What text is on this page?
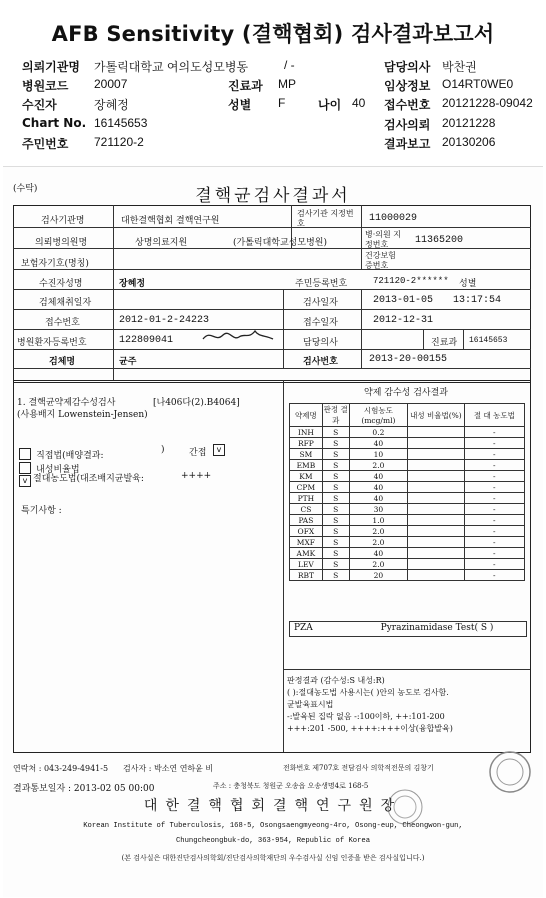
AFB Sensitivity (결핵협회) 검사결과보고서
의뢰기관명 가톨릭대학교 여의도성모병동	/ -	담당의사 박찬권
병원코드 20007	진료과 MP	임상정보 O14RT0WE0
수진자	장혜정	성별 F	나이 40 접수번호 20121228-09042
Chart No. 16145653	검사의뢰 20121228
주민번호 721120-2	결과보고 20130206
(수탁)	결핵균검사결과서
검사기관명	대한결핵협회 결핵연구원
검사기관 지정번호	11000029
의뢰병의원명	상명의료지원	(가톨릭대학교성모병원)
병·의원 지정번호	11365200
보험자기호(명칭)
건강보험 증번호
수진자성명	장혜정	주민등록번호	721120-2****** 성별
검체채취일자	검사일자	2013-01-05 13:17:54
접수번호	2012-01-2-24223	접수일자	2012-12-31
병원환자등록번호	122809041	담당의사	진료과 16145653
검체명	균주	검사번호	2013-20-00155
1. 결핵균약제감수성검사	[나406다(2).B4064]
(사용배지 Lowenstein-Jensen)
직접법(배양결과:
)	간접	v
내성비율법
v 절대농도법(대조배지균발육:	++++
특기사항 :
약제 감수성 검사결과
약제명	판정 결과	시험농도 (mcg/ml)	내성 비율법(%)	절 대 농도법
INH	S	0.2		-
RFP	S	40		-
SM	S	10		-
EMB	S	2.0		-
KM	S	40		-
CPM	S	40		-
PTH	S	40		-
CS	S	30		-
PAS	S	1.0		-
OFX	S	2.0		-
MXF	S	2.0		-
AMK	S	40		-
LEV	S	2.0		-
RBT	S	20		-
PZA	Pyrazinamidase Test( S )
판정결과 (감수성:S 내성:R)
( ):절대농도법 사용시는( )안의 농도로 검사함.
균발육표시법
-:발육된 집락 없음 -:100이하, ++:101-200
+++:201 -500, ++++:+++이상(융합발육)
연락처 : 043-249-4941-5 검사자 : 박소연 연하윤 비	전화번호 제707호 전담검사 의학적전문의 김창기
결과통보일자 : 2013-02 05 00:00	주소 : 충청북도 청원군 오송읍 오송생명4로 168-5
대한결핵협회결핵연구원장
Korean Institute of Tuberculosis, 168-5, Osongsaengmyeong-4ro, Osong-eup, Cheongwon-gun,
Chungcheongbuk-do, 363-954, Republic of Korea
(본 검사실은 대한진단검사의학회/진단검사의학재단의 우수검사실 신임 인증을 받은 검사실입니다.)
